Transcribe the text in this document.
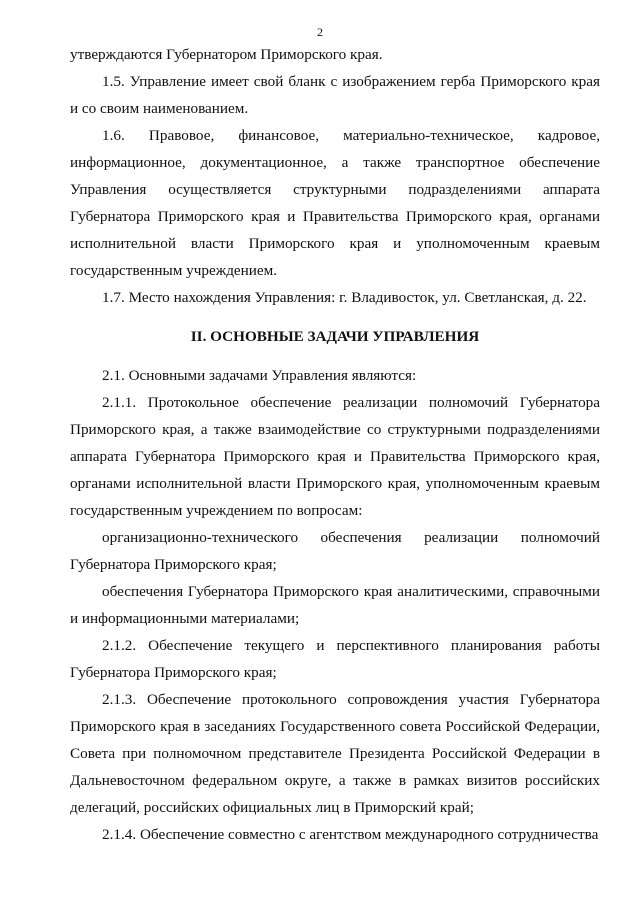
2

утверждаются Губернатором Приморского края.

1.5. Управление имеет свой бланк с изображением герба Приморского края и со своим наименованием.

1.6. Правовое, финансовое, материально-техническое, кадровое, информационное, документационное, а также транспортное обеспечение Управления осуществляется структурными подразделениями аппарата Губернатора Приморского края и Правительства Приморского края, органами исполнительной власти Приморского края и уполномоченным краевым государственным учреждением.

1.7. Место нахождения Управления: г. Владивосток, ул. Светланская, д. 22.

II. ОСНОВНЫЕ ЗАДАЧИ УПРАВЛЕНИЯ

2.1. Основными задачами Управления являются:

2.1.1. Протокольное обеспечение реализации полномочий Губернатора Приморского края, а также взаимодействие со структурными подразделениями аппарата Губернатора Приморского края и Правительства Приморского края, органами исполнительной власти Приморского края, уполномоченным краевым государственным учреждением по вопросам:

организационно-технического обеспечения реализации полномочий Губернатора Приморского края;

обеспечения Губернатора Приморского края аналитическими, справочными и информационными материалами;

2.1.2. Обеспечение текущего и перспективного планирования работы Губернатора Приморского края;

2.1.3. Обеспечение протокольного сопровождения участия Губернатора Приморского края в заседаниях Государственного совета Российской Федерации, Совета при полномочном представителе Президента Российской Федерации в Дальневосточном федеральном округе, а также в рамках визитов российских делегаций, российских официальных лиц в Приморский край;

2.1.4. Обеспечение совместно с агентством международного сотрудничества
